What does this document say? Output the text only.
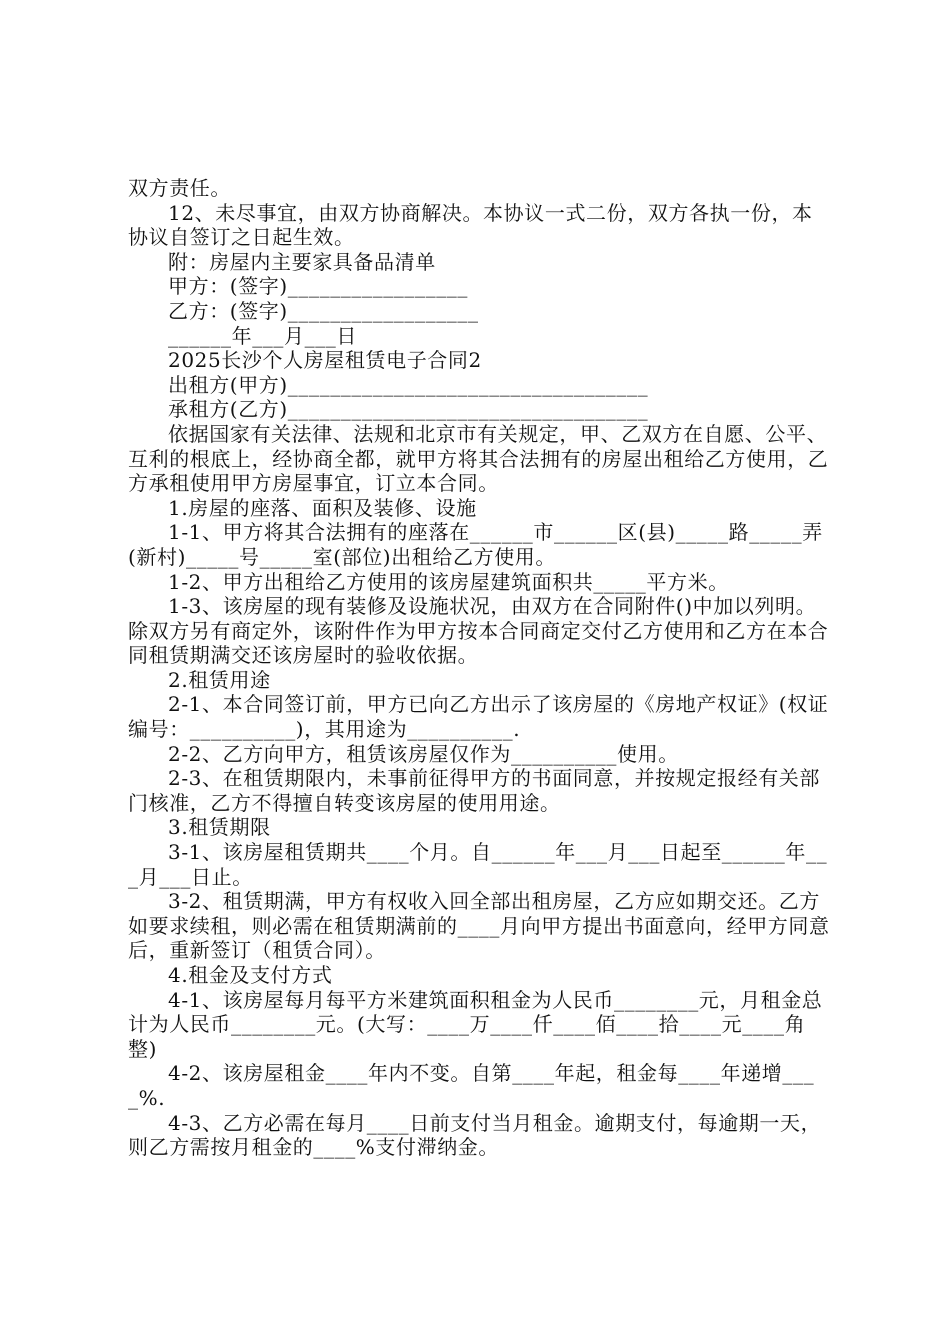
双方责任。

12、未尽事宜，由双方协商解决。本协议一式二份，双方各执一份，本协议自签订之日起生效。

附：房屋内主要家具备品清单

甲方：(签字)_________________

乙方：(签字)__________________

______年___月___日

2025长沙个人房屋租赁电子合同2

出租方(甲方)__________________________________

承租方(乙方)__________________________________

依据国家有关法律、法规和北京市有关规定，甲、乙双方在自愿、公平、互利的根底上，经协商全都，就甲方将其合法拥有的房屋出租给乙方使用，乙方承租使用甲方房屋事宜，订立本合同。

1.房屋的座落、面积及装修、设施

1-1、甲方将其合法拥有的座落在______市______区(县)_____路_____弄(新村)_____号_____室(部位)出租给乙方使用。

1-2、甲方出租给乙方使用的该房屋建筑面积共_____平方米。

1-3、该房屋的现有装修及设施状况，由双方在合同附件()中加以列明。除双方另有商定外，该附件作为甲方按本合同商定交付乙方使用和乙方在本合同租赁期满交还该房屋时的验收依据。

2.租赁用途

2-1、本合同签订前，甲方已向乙方出示了该房屋的《房地产权证》(权证编号：__________)，其用途为__________.

2-2、乙方向甲方，租赁该房屋仅作为__________使用。

2-3、在租赁期限内，未事前征得甲方的书面同意，并按规定报经有关部门核准，乙方不得擅自转变该房屋的使用用途。

3.租赁期限

3-1、该房屋租赁期共____个月。自______年___月___日起至______年___月___日止。

3-2、租赁期满，甲方有权收入回全部出租房屋，乙方应如期交还。乙方如要求续租，则必需在租赁期满前的____月向甲方提出书面意向，经甲方同意后，重新签订（租赁合同）。

4.租金及支付方式

4-1、该房屋每月每平方米建筑面积租金为人民币________元，月租金总计为人民币________元。(大写：____万____仟____佰____拾____元____角整)

4-2、该房屋租金____年内不变。自第____年起，租金每____年递增____%.

4-3、乙方必需在每月____日前支付当月租金。逾期支付，每逾期一天，则乙方需按月租金的____%支付滞纳金。
